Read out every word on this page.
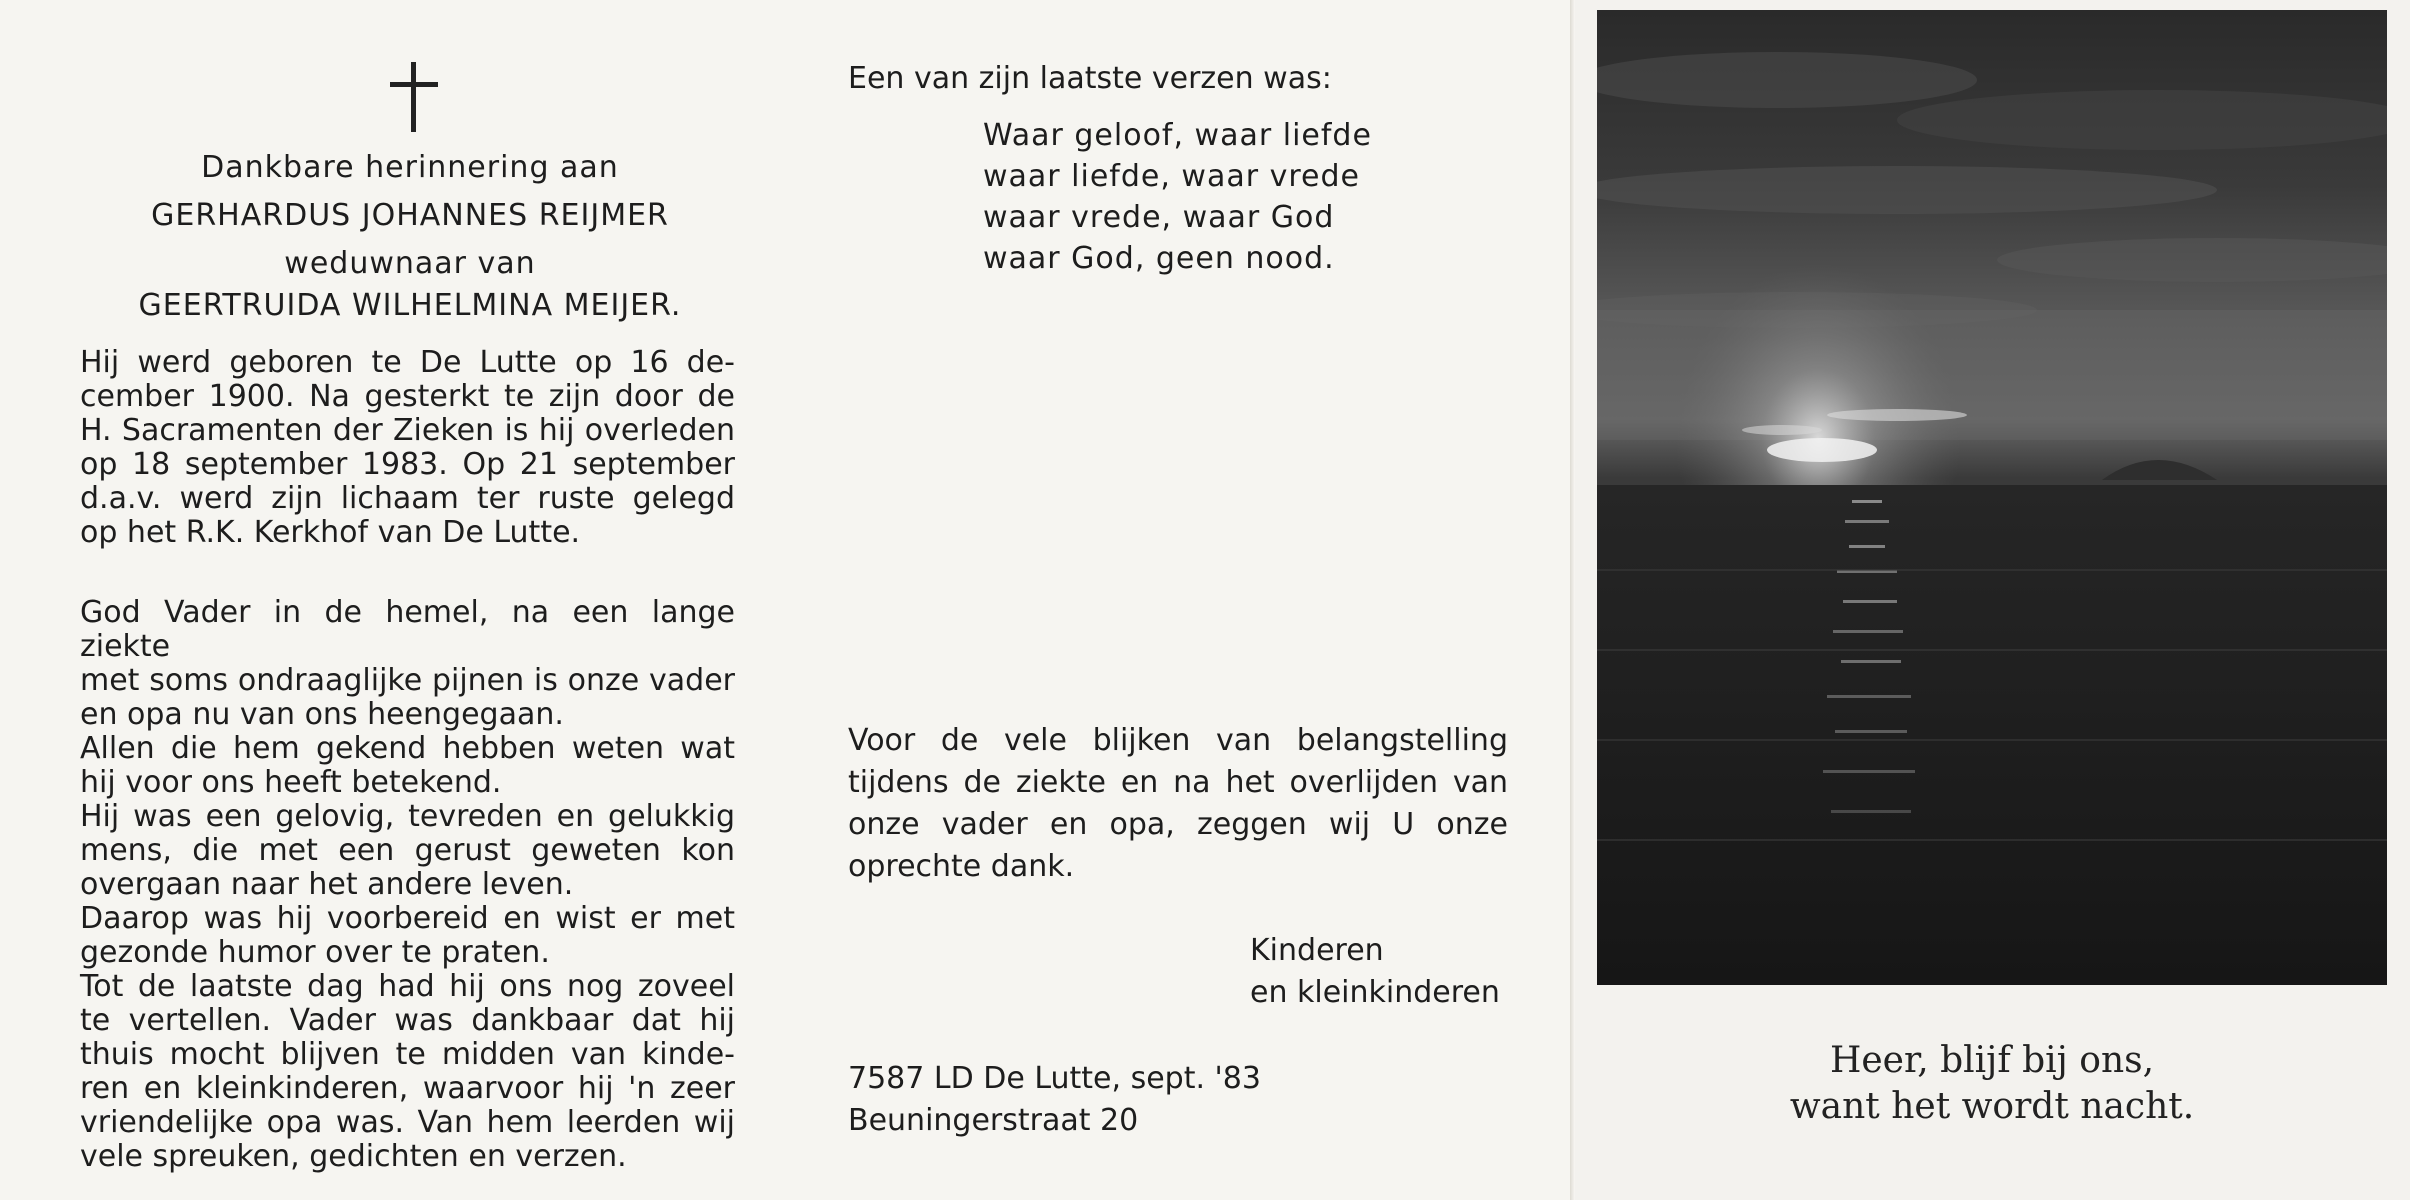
Dankbare herinnering aan
GERHARDUS JOHANNES REIJMER
weduwnaar van
GEERTRUIDA WILHELMINA MEIJER.
Hij werd geboren te De Lutte op 16 de-
cember 1900. Na gesterkt te zijn door de
H. Sacramenten der Zieken is hij overleden
op 18 september 1983. Op 21 september
d.a.v. werd zijn lichaam ter ruste gelegd
op het R.K. Kerkhof van De Lutte.
God Vader in de hemel, na een lange ziekte
met soms ondraaglijke pijnen is onze vader
en opa nu van ons heengegaan.
Allen die hem gekend hebben weten wat
hij voor ons heeft betekend.
Hij was een gelovig, tevreden en gelukkig
mens, die met een gerust geweten kon
overgaan naar het andere leven.
Daarop was hij voorbereid en wist er met
gezonde humor over te praten.
Tot de laatste dag had hij ons nog zoveel
te vertellen. Vader was dankbaar dat hij
thuis mocht blijven te midden van kinde-
ren en kleinkinderen, waarvoor hij 'n zeer
vriendelijke opa was. Van hem leerden wij
vele spreuken, gedichten en verzen.
Een van zijn laatste verzen was:
Waar geloof, waar liefde
waar liefde, waar vrede
waar vrede, waar God
waar God, geen nood.
Voor de vele blijken van belangstelling
tijdens de ziekte en na het overlijden van
onze vader en opa, zeggen wij U onze
oprechte dank.
Kinderen
en kleinkinderen
7587 LD De Lutte, sept. '83
Beuningerstraat 20
Heer, blijf bij ons,
want het wordt nacht.
